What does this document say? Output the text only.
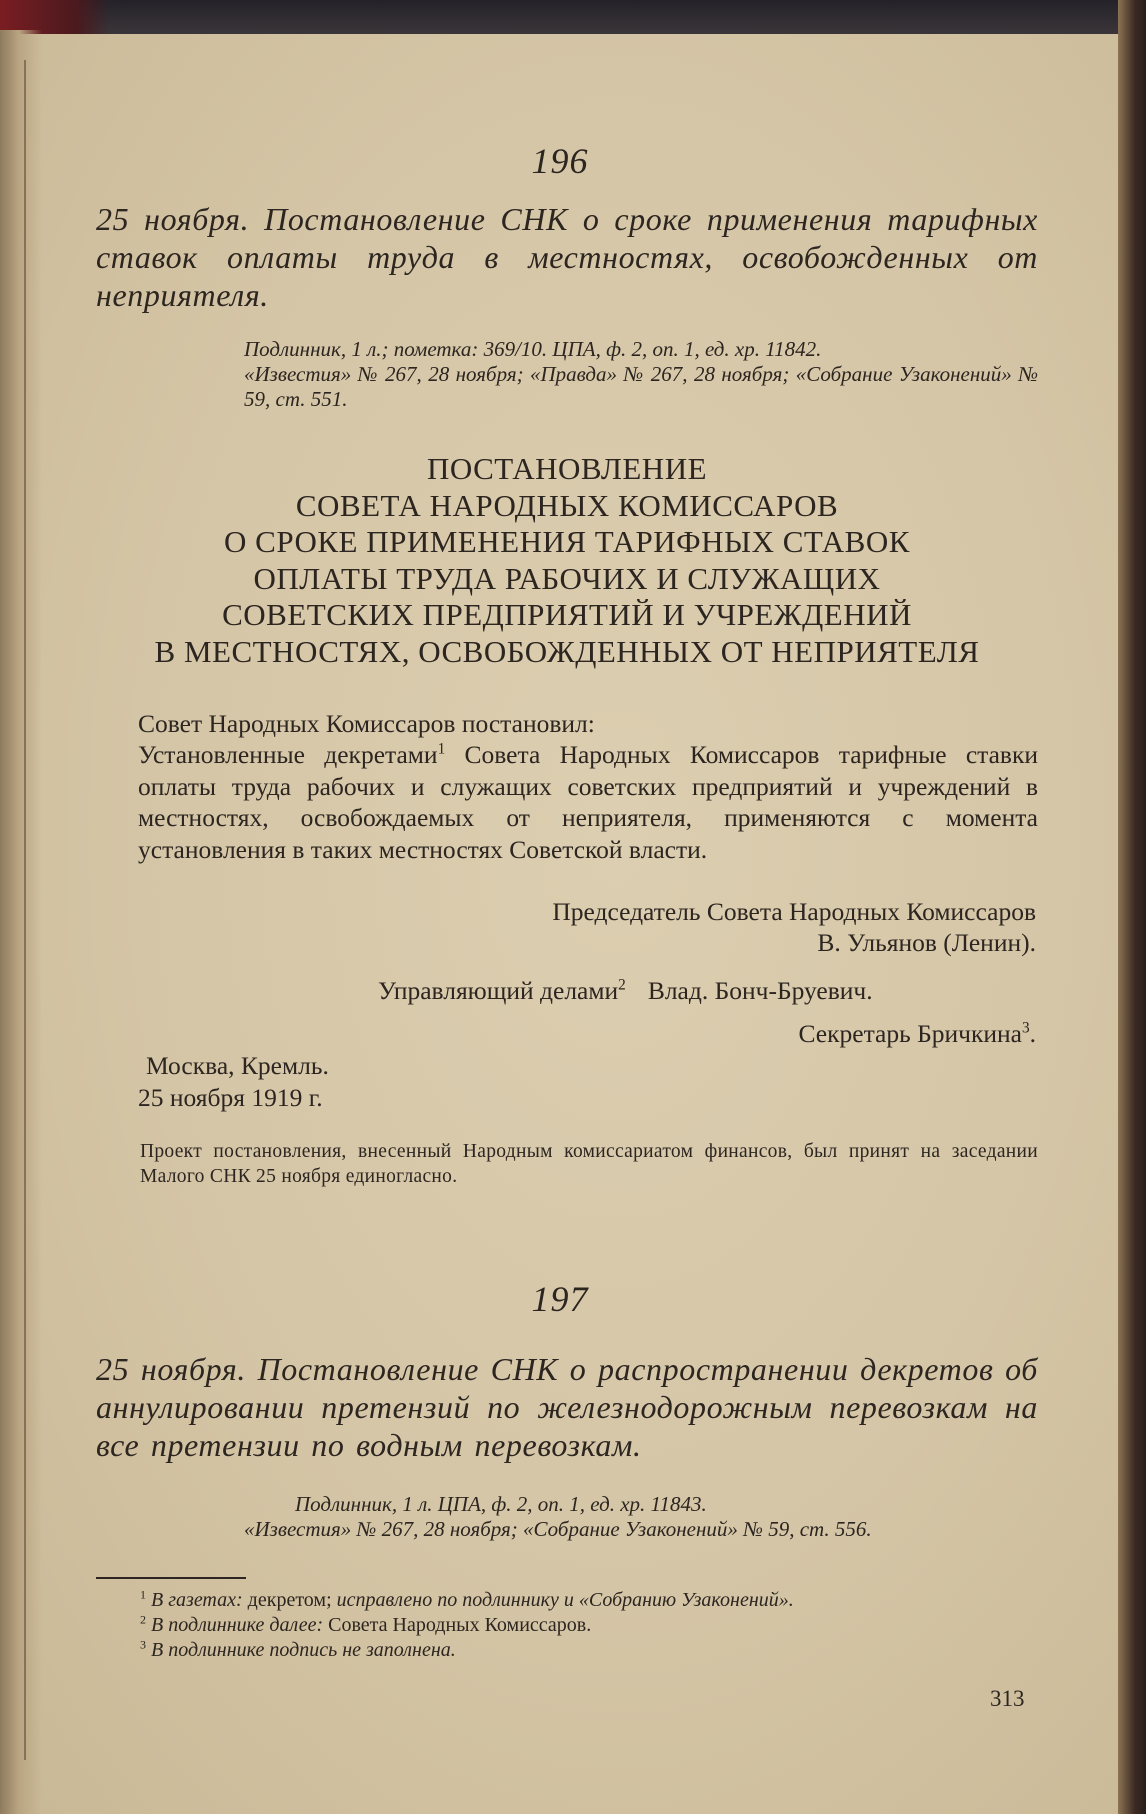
196
25 ноября. Постановление СНК о сроке применения тарифных ставок оплаты труда в местностях, освобожденных от неприятеля.
Подлинник, 1 л.; пометка: 369/10. ЦПА, ф. 2, оп. 1, ед. хр. 11842.
«Известия» № 267, 28 ноября; «Правда» № 267, 28 ноября; «Собрание Узаконений» № 59, ст. 551.
ПОСТАНОВЛЕНИЕ
СОВЕТА НАРОДНЫХ КОМИССАРОВ
О СРОКЕ ПРИМЕНЕНИЯ ТАРИФНЫХ СТАВОК
ОПЛАТЫ ТРУДА РАБОЧИХ И СЛУЖАЩИХ
СОВЕТСКИХ ПРЕДПРИЯТИЙ И УЧРЕЖДЕНИЙ
В МЕСТНОСТЯХ, ОСВОБОЖДЕННЫХ ОТ НЕПРИЯТЕЛЯ
Совет Народных Комиссаров постановил:
Установленные декретами$^1$ Совета Народных Комиссаров тарифные ставки оплаты труда рабочих и служащих советских предприятий и учреждений в местностях, освобождаемых от неприятеля, применяются с момента установления в таких местностях Советской власти.
Председатель Совета Народных Комиссаров
В. Ульянов (Ленин).
Управляющий делами$^2$ Влад. Бонч-Бруевич.
Секретарь Бричкина$^3$.
Москва, Кремль.
25 ноября 1919 г.
Проект постановления, внесенный Народным комиссариатом финансов, был принят на заседании Малого СНК 25 ноября единогласно.
197
25 ноября. Постановление СНК о распространении декретов об аннулировании претензий по железнодорожным перевозкам на все претензии по водным перевозкам.
Подлинник, 1 л. ЦПА, ф. 2, оп. 1, ед. хр. 11843.
«Известия» № 267, 28 ноября; «Собрание Узаконений» № 59, ст. 556.
$^1$ В газетах: декретом; исправлено по подлиннику и «Собранию Узаконений».
$^2$ В подлиннике далее: Совета Народных Комиссаров.
$^3$ В подлиннике подпись не заполнена.
313
